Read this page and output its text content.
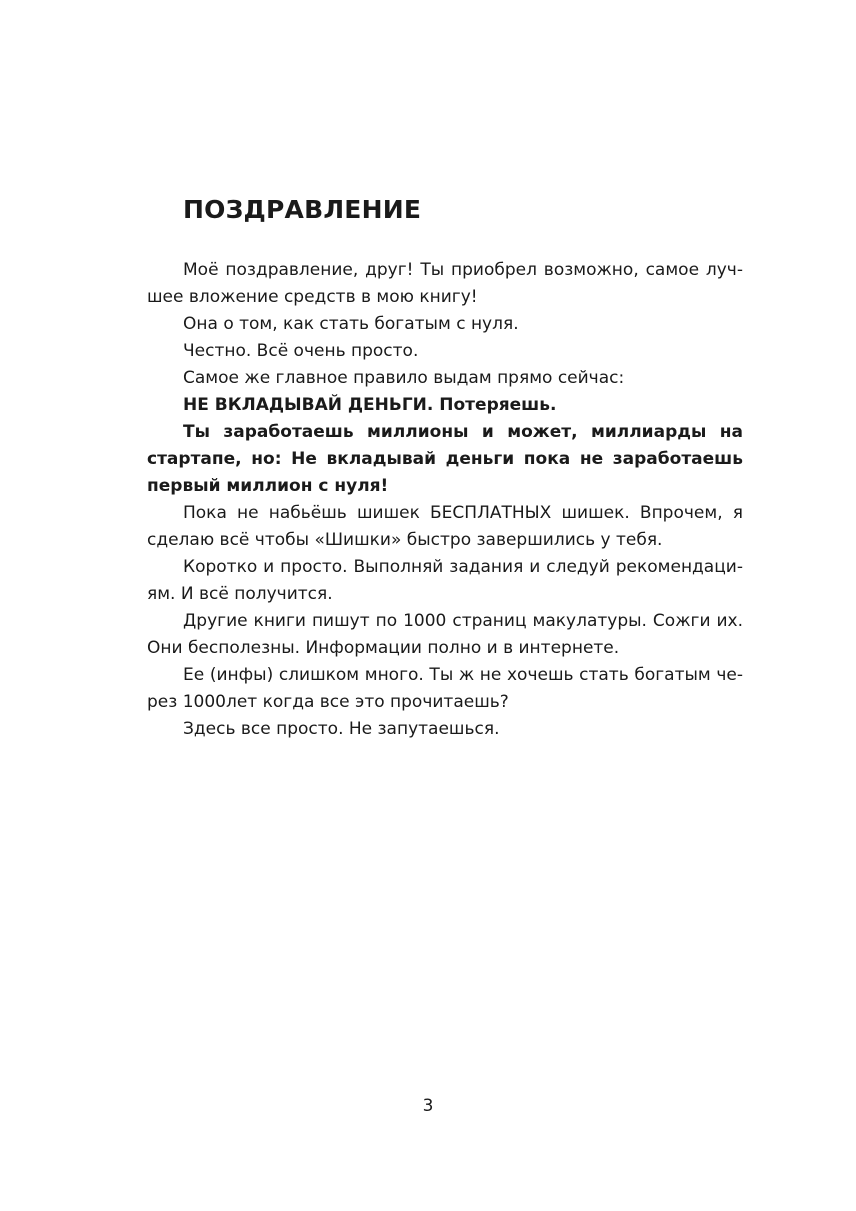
ПОЗДРАВЛЕНИЕ

Моё поздравление, друг! Ты приобрел возможно, самое лучшее вложение средств в мою книгу!

Она о том, как стать богатым с нуля.

Честно. Всё очень просто.

Самое же главное правило выдам прямо сейчас:

НЕ ВКЛАДЫВАЙ ДЕНЬГИ. Потеряешь.

Ты заработаешь миллионы и может, миллиарды на стартапе, но: Не вкладывай деньги пока не заработаешь первый миллион с нуля!

Пока не набьёшь шишек БЕСПЛАТНЫХ шишек. Впрочем, я сделаю всё чтобы «Шишки» быстро завершились у тебя.

Коротко и просто. Выполняй задания и следуй рекомендациям. И всё получится.

Другие книги пишут по 1000 страниц макулатуры. Сожги их. Они бесполезны. Информации полно и в интернете.

Ее (инфы) слишком много. Ты ж не хочешь стать богатым через 1000лет когда все это прочитаешь?

Здесь все просто. Не запутаешься.

3
